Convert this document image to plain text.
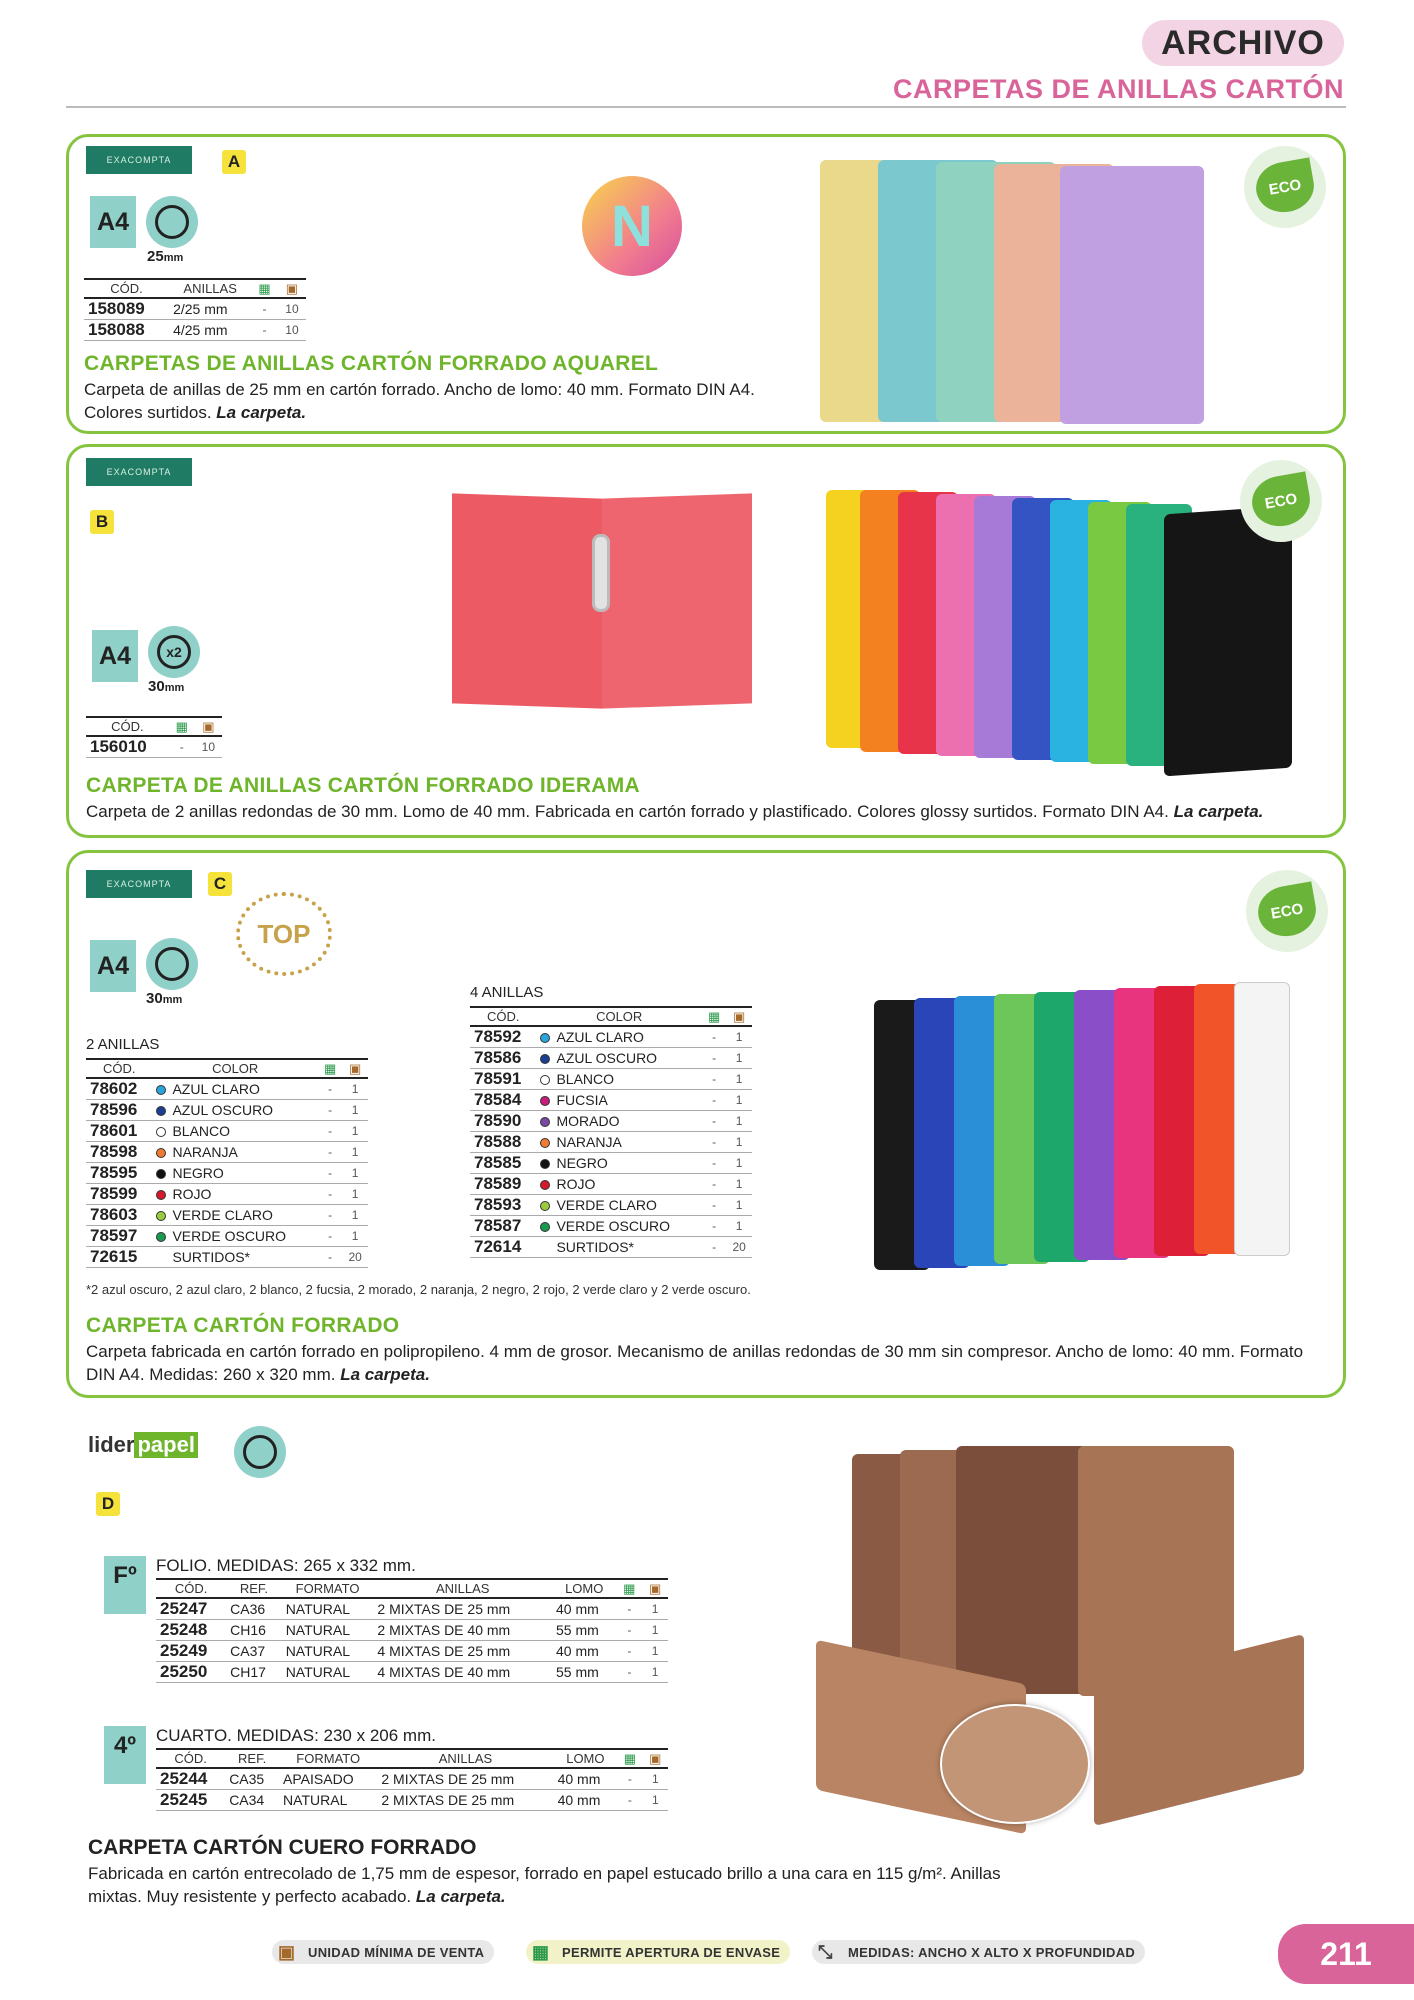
ARCHIVO
CARPETAS DE ANILLAS CARTÓN
EXACOMPTA	A
A4
25mm	N
CÓD.	ANILLAS	▦	▣
158089	2/25 mm	-	10
158088	4/25 mm	-	10
CARPETAS DE ANILLAS CARTÓN FORRADO AQUAREL
Carpeta de anillas de 25 mm en cartón forrado. Ancho de lomo: 40 mm. Formato DIN A4. Colores surtidos. La carpeta.
ECO
EXACOMPTA
B
A4	x2
30mm
CÓD.	▦	▣
156010	-	10
CARPETA DE ANILLAS CARTÓN FORRADO IDERAMA
Carpeta de 2 anillas redondas de 30 mm. Lomo de 40 mm. Fabricada en cartón forrado y plastificado. Colores glossy surtidos. Formato DIN A4. La carpeta.
ECO
EXACOMPTA	C
TOP
A4
30mm
2 ANILLAS
CÓD.	COLOR	▦	▣
78602	AZUL CLARO	-	1
78596	AZUL OSCURO	-	1
78601	BLANCO	-	1
78598	NARANJA	-	1
78595	NEGRO	-	1
78599	ROJO	-	1
78603	VERDE CLARO	-	1
78597	VERDE OSCURO	-	1
72615	SURTIDOS*	-	20
4 ANILLAS
CÓD.	COLOR	▦	▣
78592	AZUL CLARO	-	1
78586	AZUL OSCURO	-	1
78591	BLANCO	-	1
78584	FUCSIA	-	1
78590	MORADO	-	1
78588	NARANJA	-	1
78585	NEGRO	-	1
78589	ROJO	-	1
78593	VERDE CLARO	-	1
78587	VERDE OSCURO	-	1
72614	SURTIDOS*	-	20
*2 azul oscuro, 2 azul claro, 2 blanco, 2 fucsia, 2 morado, 2 naranja, 2 negro, 2 rojo, 2 verde claro y 2 verde oscuro.
CARPETA CARTÓN FORRADO
Carpeta fabricada en cartón forrado en polipropileno. 4 mm de grosor. Mecanismo de anillas redondas de 30 mm sin compresor. Ancho de lomo: 40 mm. Formato DIN A4. Medidas: 260 x 320 mm. La carpeta.
ECO
lider papel
D
Fº	FOLIO. MEDIDAS: 265 x 332 mm.
CÓD.	REF.	FORMATO	ANILLAS	LOMO	▦	▣
25247	CA36	NATURAL	2 MIXTAS DE 25 mm	40 mm	-	1
25248	CH16	NATURAL	2 MIXTAS DE 40 mm	55 mm	-	1
25249	CA37	NATURAL	4 MIXTAS DE 25 mm	40 mm	-	1
25250	CH17	NATURAL	4 MIXTAS DE 40 mm	55 mm	-	1
4º	CUARTO. MEDIDAS: 230 x 206 mm.
CÓD.	REF.	FORMATO	ANILLAS	LOMO	▦	▣
25244	CA35	APAISADO	2 MIXTAS DE 25 mm	40 mm	-	1
25245	CA34	NATURAL	2 MIXTAS DE 25 mm	40 mm	-	1
CARPETA CARTÓN CUERO FORRADO
Fabricada en cartón entrecolado de 1,75 mm de espesor, forrado en papel estucado brillo a una cara en 115 g/m². Anillas mixtas. Muy resistente y perfecto acabado. La carpeta.
▣ UNIDAD MÍNIMA DE VENTA	▦ PERMITE APERTURA DE ENVASE ⤡ MEDIDAS: ANCHO X ALTO X PROFUNDIDAD	211
